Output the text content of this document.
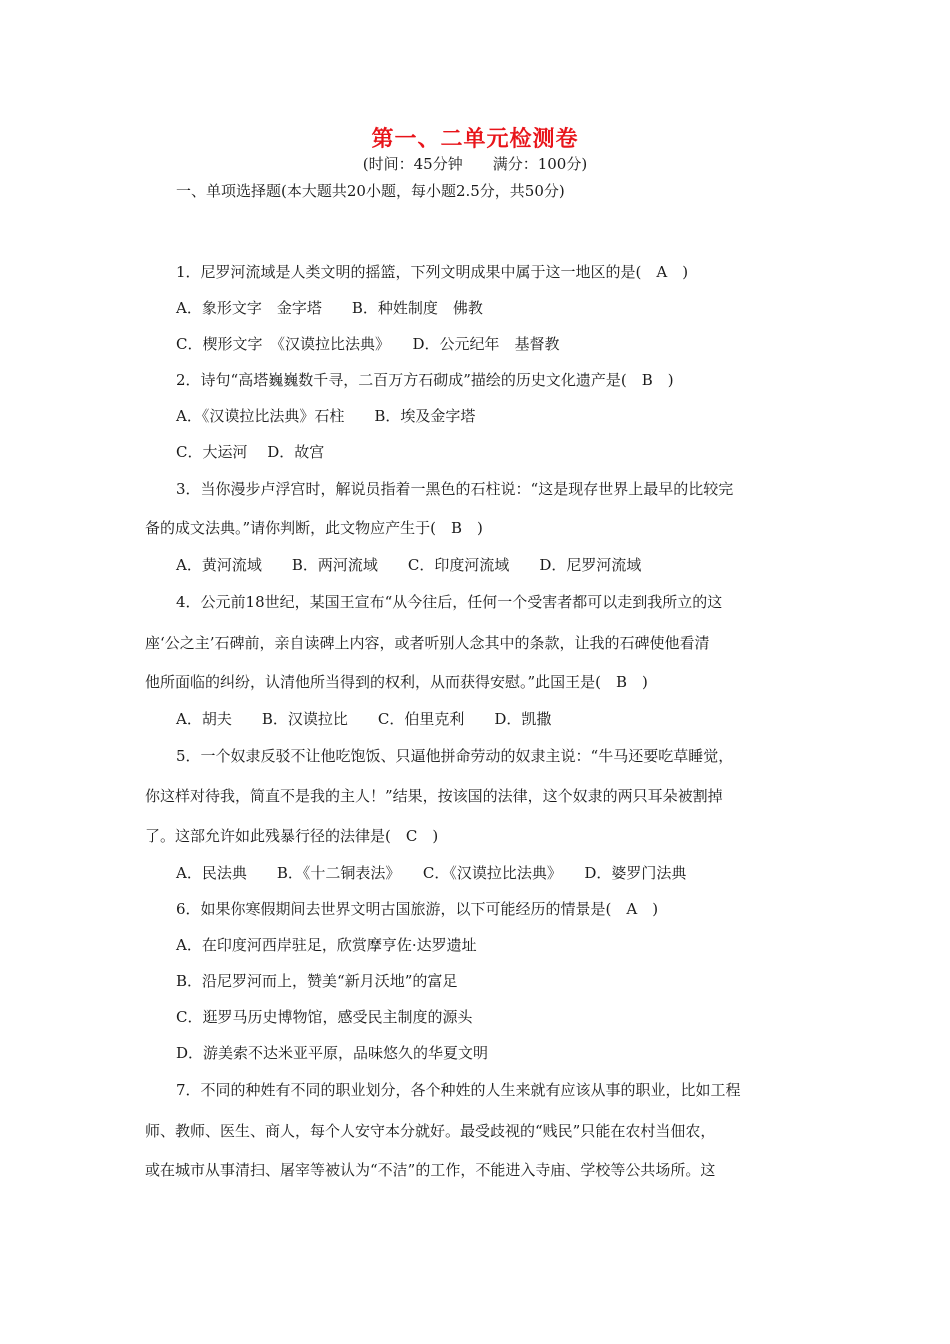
第一、二单元检测卷
(时间：45分钟　　满分：100分)
一、单项选择题(本大题共20小题，每小题2.5分，共50分)
1．尼罗河流域是人类文明的摇篮，下列文明成果中属于这一地区的是(　A　)
A．象形文字　金字塔　　B．种姓制度　佛教
C．楔形文字　《汉谟拉比法典》　　D．公元纪年　基督教
2．诗句“高塔巍巍数千寻，二百万方石砌成”描绘的历史文化遗产是(　B　)
A．《汉谟拉比法典》石柱　　B．埃及金字塔
C．大运河　 D．故宫
3．当你漫步卢浮宫时，解说员指着一黑色的石柱说：“这是现存世界上最早的比较完
备的成文法典。”请你判断，此文物应产生于(　B　)
A．黄河流域　　B．两河流域　　C．印度河流域　　D．尼罗河流域
4．公元前18世纪，某国王宣布“从今往后，任何一个受害者都可以走到我所立的这
座‘公之主’石碑前，亲自读碑上内容，或者听别人念其中的条款，让我的石碑使他看清
他所面临的纠纷，认清他所当得到的权利，从而获得安慰。”此国王是(　B　)
A．胡夫　　B．汉谟拉比　　C．伯里克利　　D．凯撒
5．一个奴隶反驳不让他吃饱饭、只逼他拼命劳动的奴隶主说：“牛马还要吃草睡觉，
你这样对待我，简直不是我的主人！”结果，按该国的法律，这个奴隶的两只耳朵被割掉
了。这部允许如此残暴行径的法律是(　C　)
A．民法典　　B．《十二铜表法》　　C．《汉谟拉比法典》　　D．婆罗门法典
6．如果你寒假期间去世界文明古国旅游，以下可能经历的情景是(　A　)
A．在印度河西岸驻足，欣赏摩亨佐·达罗遗址
B．沿尼罗河而上，赞美“新月沃地”的富足
C．逛罗马历史博物馆，感受民主制度的源头
D．游美索不达米亚平原，品味悠久的华夏文明
7．不同的种姓有不同的职业划分，各个种姓的人生来就有应该从事的职业，比如工程
师、教师、医生、商人，每个人安守本分就好。最受歧视的“贱民”只能在农村当佃农，
或在城市从事清扫、屠宰等被认为“不洁”的工作，不能进入寺庙、学校等公共场所。这
